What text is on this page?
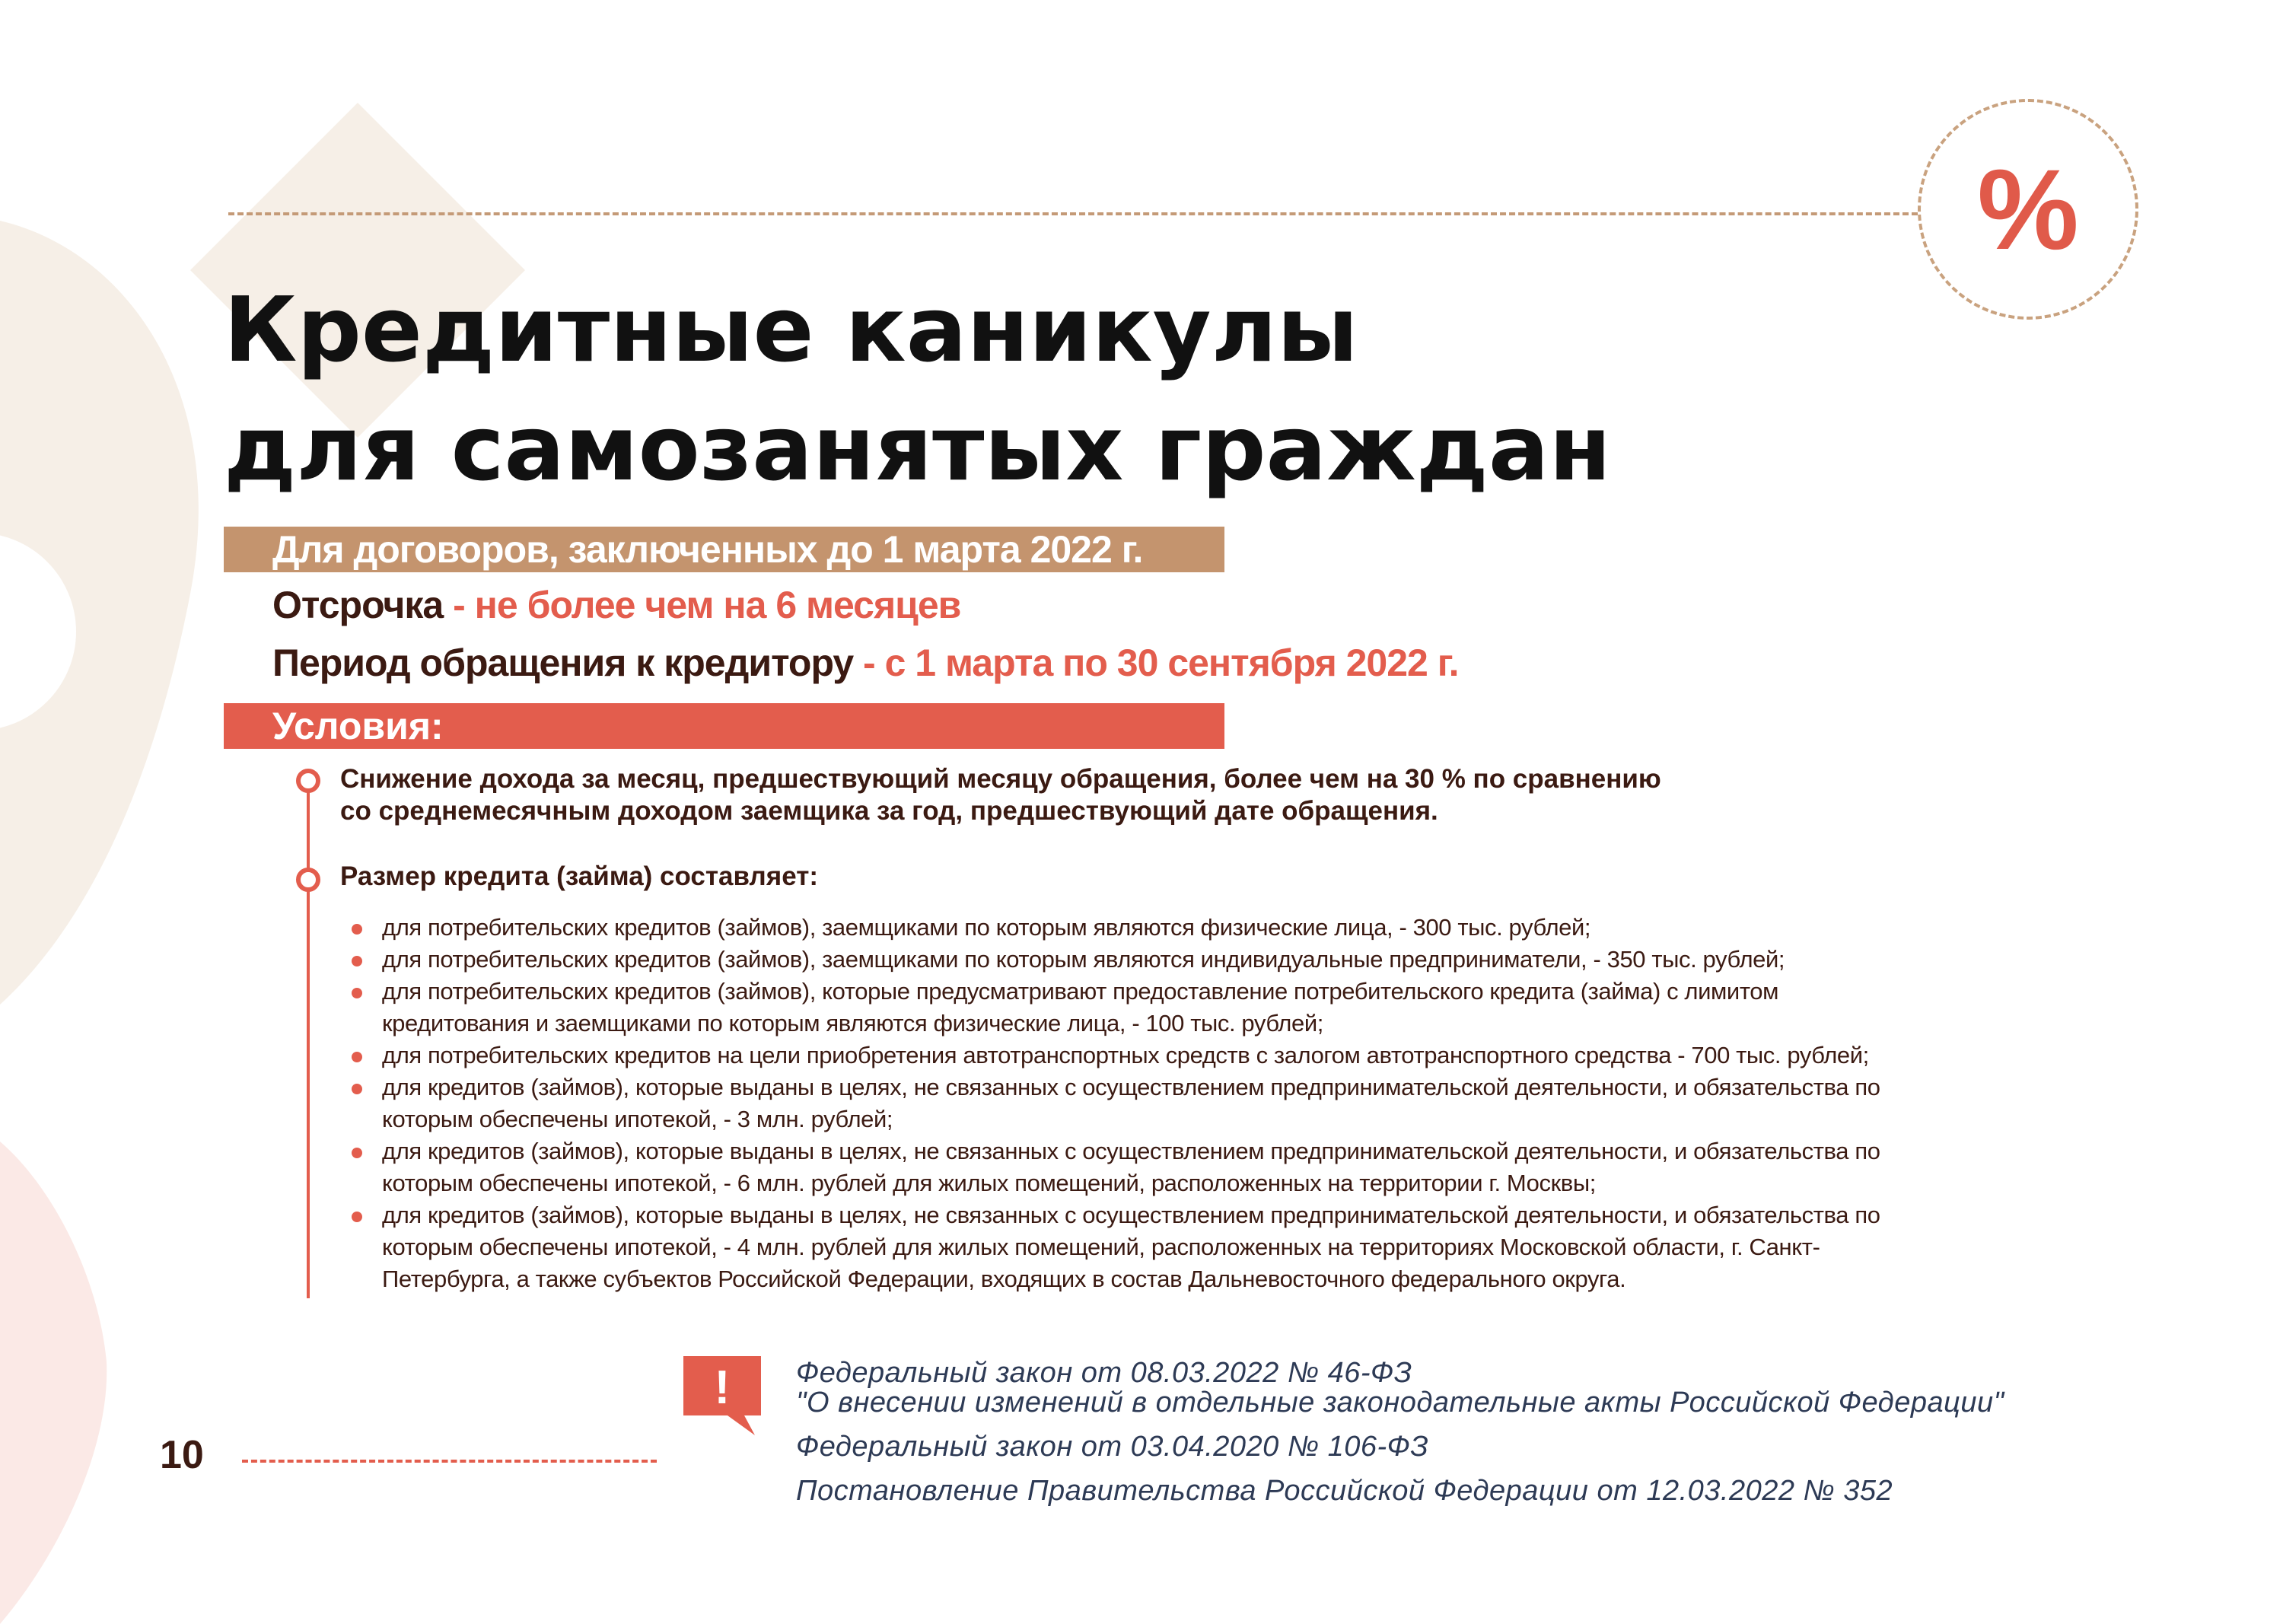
%
Кредитные каникулы
для самозанятых граждан
Для договоров, заключенных до 1 марта 2022 г.
Отсрочка - не более чем на 6 месяцев
Период обращения к кредитору - с 1 марта по 30 сентября 2022 г.
Условия:
Снижение дохода за месяц, предшествующий месяцу обращения, более чем на 30 % по сравнению
со среднемесячным доходом заемщика за год, предшествующий дате обращения.
Размер кредита (займа) составляет:
для потребительских кредитов (займов), заемщиками по которым являются физические лица, - 300 тыс. рублей;
для потребительских кредитов (займов), заемщиками по которым являются индивидуальные предприниматели, - 350 тыс. рублей;
для потребительских кредитов (займов), которые предусматривают предоставление потребительского кредита (займа) с лимитом
кредитования и заемщиками по которым являются физические лица, - 100 тыс. рублей;
для потребительских кредитов на цели приобретения автотранспортных средств с залогом автотранспортного средства - 700 тыс. рублей;
для кредитов (займов), которые выданы в целях, не связанных с осуществлением предпринимательской деятельности, и обязательства по
которым обеспечены ипотекой, - 3 млн. рублей;
для кредитов (займов), которые выданы в целях, не связанных с осуществлением предпринимательской деятельности, и обязательства по
которым обеспечены ипотекой, - 6 млн. рублей для жилых помещений, расположенных на территории г. Москвы;
для кредитов (займов), которые выданы в целях, не связанных с осуществлением предпринимательской деятельности, и обязательства по
которым обеспечены ипотекой, - 4 млн. рублей для жилых помещений, расположенных на территориях Московской области, г. Санкт-
Петербурга, а также субъектов Российской Федерации, входящих в состав Дальневосточного федерального округа.
10
! Федеральный закон от 08.03.2022 № 46-ФЗ
"О внесении изменений в отдельные законодательные акты Российской Федерации"
Федеральный закон от 03.04.2020 № 106-ФЗ
Постановление Правительства Российской Федерации от 12.03.2022 № 352
